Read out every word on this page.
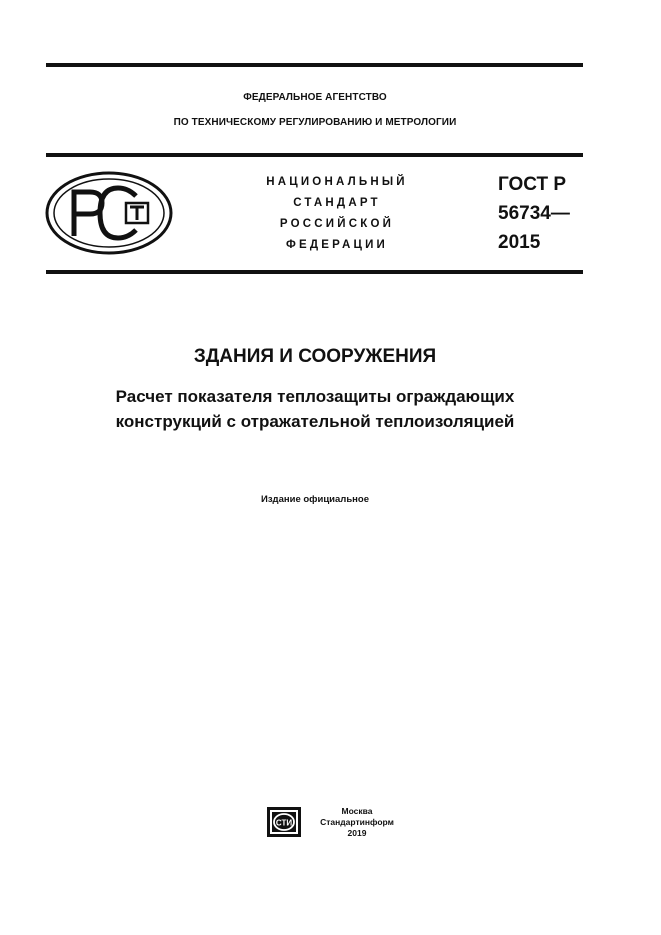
ФЕДЕРАЛЬНОЕ АГЕНТСТВО
ПО ТЕХНИЧЕСКОМУ РЕГУЛИРОВАНИЮ И МЕТРОЛОГИИ
РСТ
НАЦИОНАЛЬНЫЙ
СТАНДАРТ
РОССИЙСКОЙ
ФЕДЕРАЦИИ
ГОСТ Р
56734—
2015
ЗДАНИЯ И СООРУЖЕНИЯ
Расчет показателя теплозащиты ограждающих
конструкций с отражательной теплоизоляцией
Издание официальное
СТИ
Москва
Стандартинформ
2019
